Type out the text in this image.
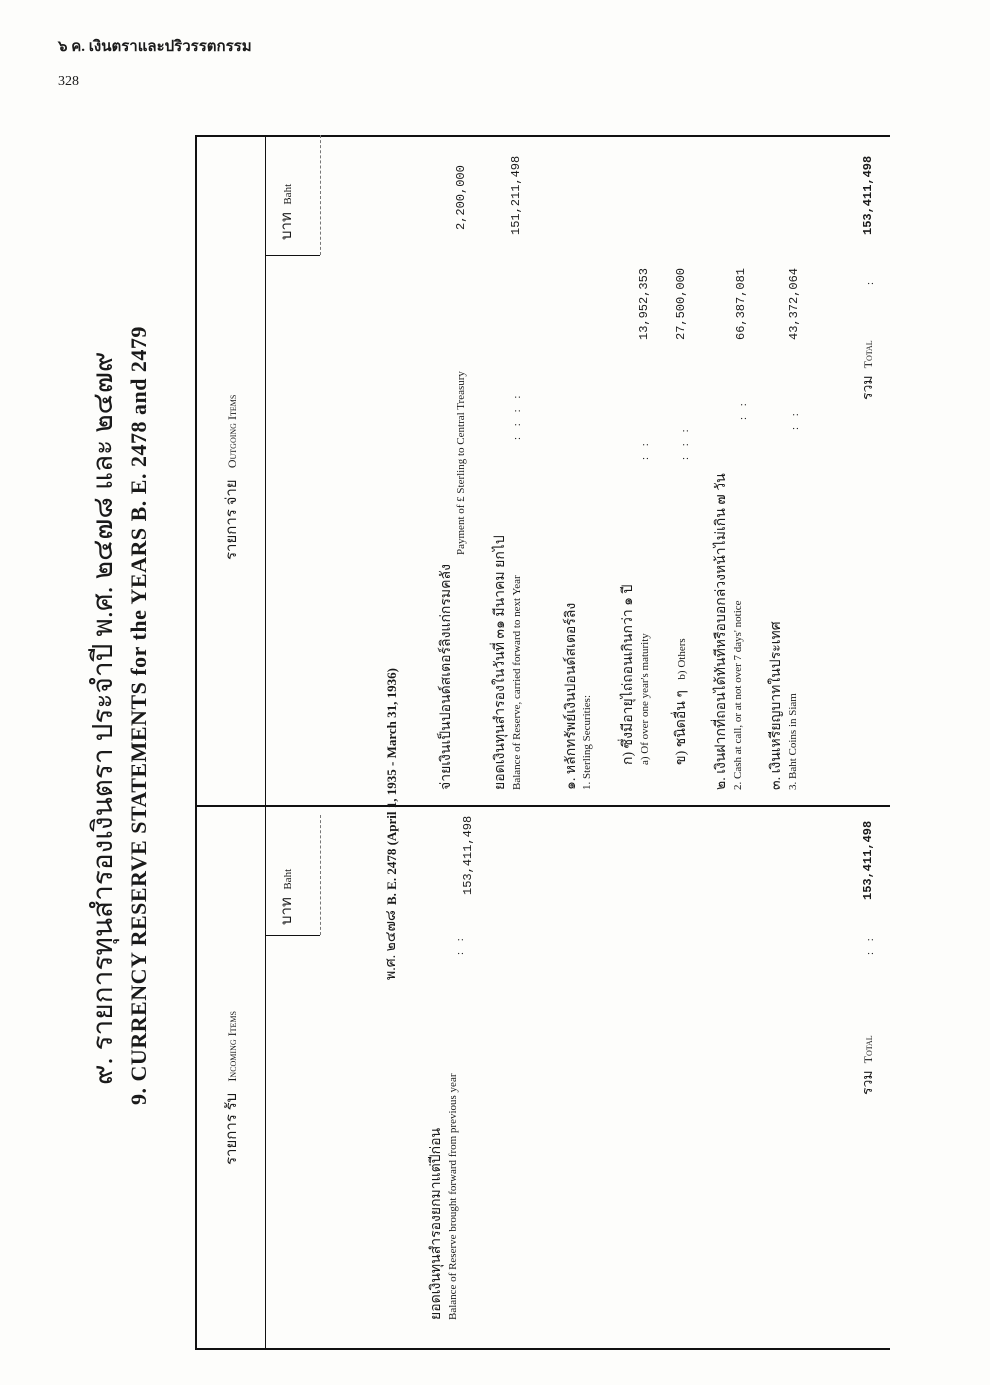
๖ ค. เงินตราและปริวรรตกรรม
328
๙. รายการทุนสำรองเงินตรา ประจำปี พ.ศ. ๒๔๗๘ และ ๒๔๗๙ 9. CURRENCY RESERVE STATEMENTS for the YEARS B. E. 2478 and 2479	รายการ จ่าย   Outgoing Items
บาท  Baht
รายการ รับ   Incoming Items
บาท  Baht
พ.ศ. ๒๔๗๘
B. E. 2478 (April 1, 1935 - March 31, 1936)
ยอดเงินทุนสำรองยกมาแต่ปีก่อน Balance of Reserve brought forward from previous year
: :
153,411,498
รวม  Total
: :
153,411,498
จ่ายเงินเป็นปอนด์สเตอร์ลิงแก่กรมคลัง
Payment of £ Sterling to Central Treasury
2,200,000
ยอดเงินทุนสำรองในวันที่ ๓๑ มีนาคม ยกไป Balance of Reserve, carried forward to next Year
: : : :
151,211,498
๑. หลักทรัพย์เงินปอนด์สเตอร์ลิง 1. Sterling Securities: ก) ซึ่งมีอายุไถ่ถอนเกินกว่า ๑ ปี a) Of over one year's maturity
: :
13,952,353
ข) ชนิดอื่น ๆ   b) Others
: : :
27,500,000
๒. เงินฝากที่ถอนได้ทันทีหรือบอกล่วงหน้าไม่เกิน ๗ วัน 2. Cash at call, or at not over 7 days' notice
: :
66,387,081
๓. เงินเหรียญบาทในประเทศ 3. Baht Coins in Siam
: :
43,372,064
รวม  Total
:
153,411,498
